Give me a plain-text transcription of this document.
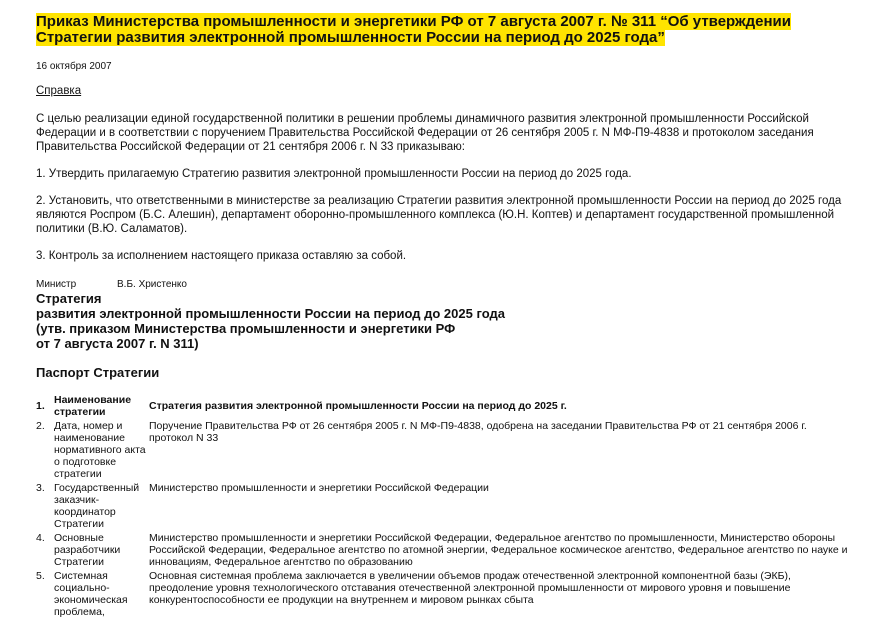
Приказ Министерства промышленности и энергетики РФ от 7 августа 2007 г. № 311 “Об утверждении Стратегии развития электронной промышленности России на период до 2025 года”
16 октября 2007
Справка

С целью реализации единой государственной политики в решении проблемы динамичного развития электронной промышленности Российской Федерации и в соответствии с поручением Правительства Российской Федерации от 26 сентября 2005 г. N МФ-П9-4838 и протоколом заседания Правительства Российской Федерации от 21 сентября 2006 г. N 33 приказываю:

1. Утвердить прилагаемую Стратегию развития электронной промышленности России на период до 2025 года.

2. Установить, что ответственными в министерстве за реализацию Стратегии развития электронной промышленности России на период до 2025 года являются Роспром (Б.С. Алешин), департамент оборонно-промышленного комплекса (Ю.Н. Коптев) и департамент государственной промышленной политики (В.Ю. Саламатов).

3. Контроль за исполнением настоящего приказа оставляю за собой.

Министр	В.Б. Христенко
Стратегия
развития электронной промышленности России на период до 2025 года
(утв. приказом Министерства промышленности и энергетики РФ
от 7 августа 2007 г. N 311)
Паспорт Стратегии
1.	Наименование стратегии	Стратегия развития электронной промышленности России на период до 2025 г.
2.	Дата, номер и наименование нормативного акта о подготовке стратегии	Поручение Правительства РФ от 26 сентября 2005 г. N МФ-П9-4838, одобрена на заседании Правительства РФ от 21 сентября 2006 г. протокол N 33
3.	Государственный заказчик-координатор Стратегии	Министерство промышленности и энергетики Российской Федерации
4.	Основные разработчики Стратегии	Министерство промышленности и энергетики Российской Федерации, Федеральное агентство по промышленности, Министерство обороны Российской Федерации, Федеральное агентство по атомной энергии, Федеральное космическое агентство, Федеральное агентство по науке и инновациям, Федеральное агентство по образованию
5.	Системная социально-экономическая проблема,	Основная системная проблема заключается в увеличении объемов продаж отечественной электронной компонентной базы (ЭКБ), преодоление уровня технологического отставания отечественной электронной промышленности от мирового уровня и повышение конкурентоспособности ее продукции на внутреннем и мировом рынках сбыта
